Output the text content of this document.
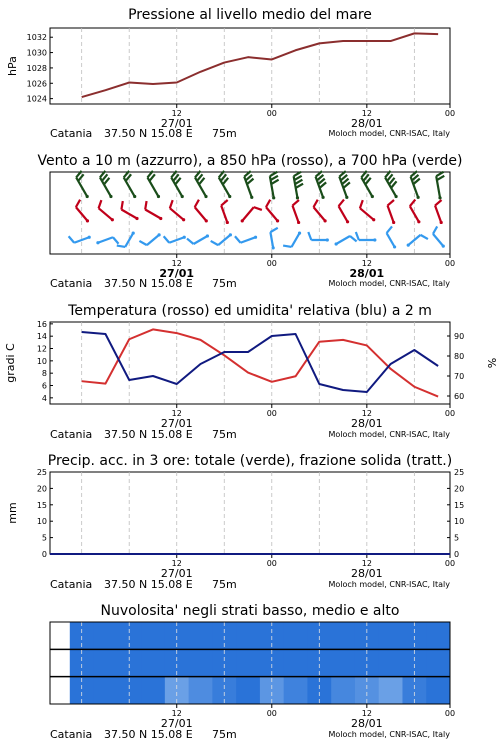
Pressione al livello medio del mare
12	00	12	00
27/01	28/01
Catania 37.50 N 15.08 E 75m	Moloch model, CNR-ISAC, Italy
1024
1026
1028
1030
1032
hPa
Vento a 10 m (azzurro), a 850 hPa (rosso), a 700 hPa (verde)
12	00	12	00
27/01	28/01
Catania 37.50 N 15.08 E 75m	Moloch model, CNR-ISAC, Italy
Temperatura (rosso) ed umidita' relativa (blu) a 2 m
12	00	12	00
27/01	28/01
Catania 37.50 N 15.08 E 75m	Moloch model, CNR-ISAC, Italy
4
6
8
10
12
14
16
60
70
80
90
gradi C	%
Precip. acc. in 3 ore: totale (verde), frazione solida (tratt.)
12	00	12	00
27/01	28/01
Catania 37.50 N 15.08 E 75m	Moloch model, CNR-ISAC, Italy
0
5
10
15
20
25
0
5
10
15
20
25
mm
Nuvolosita' negli strati basso, medio e alto
12	00	12	00
27/01	28/01
Catania 37.50 N 15.08 E 75m	Moloch model, CNR-ISAC, Italy
